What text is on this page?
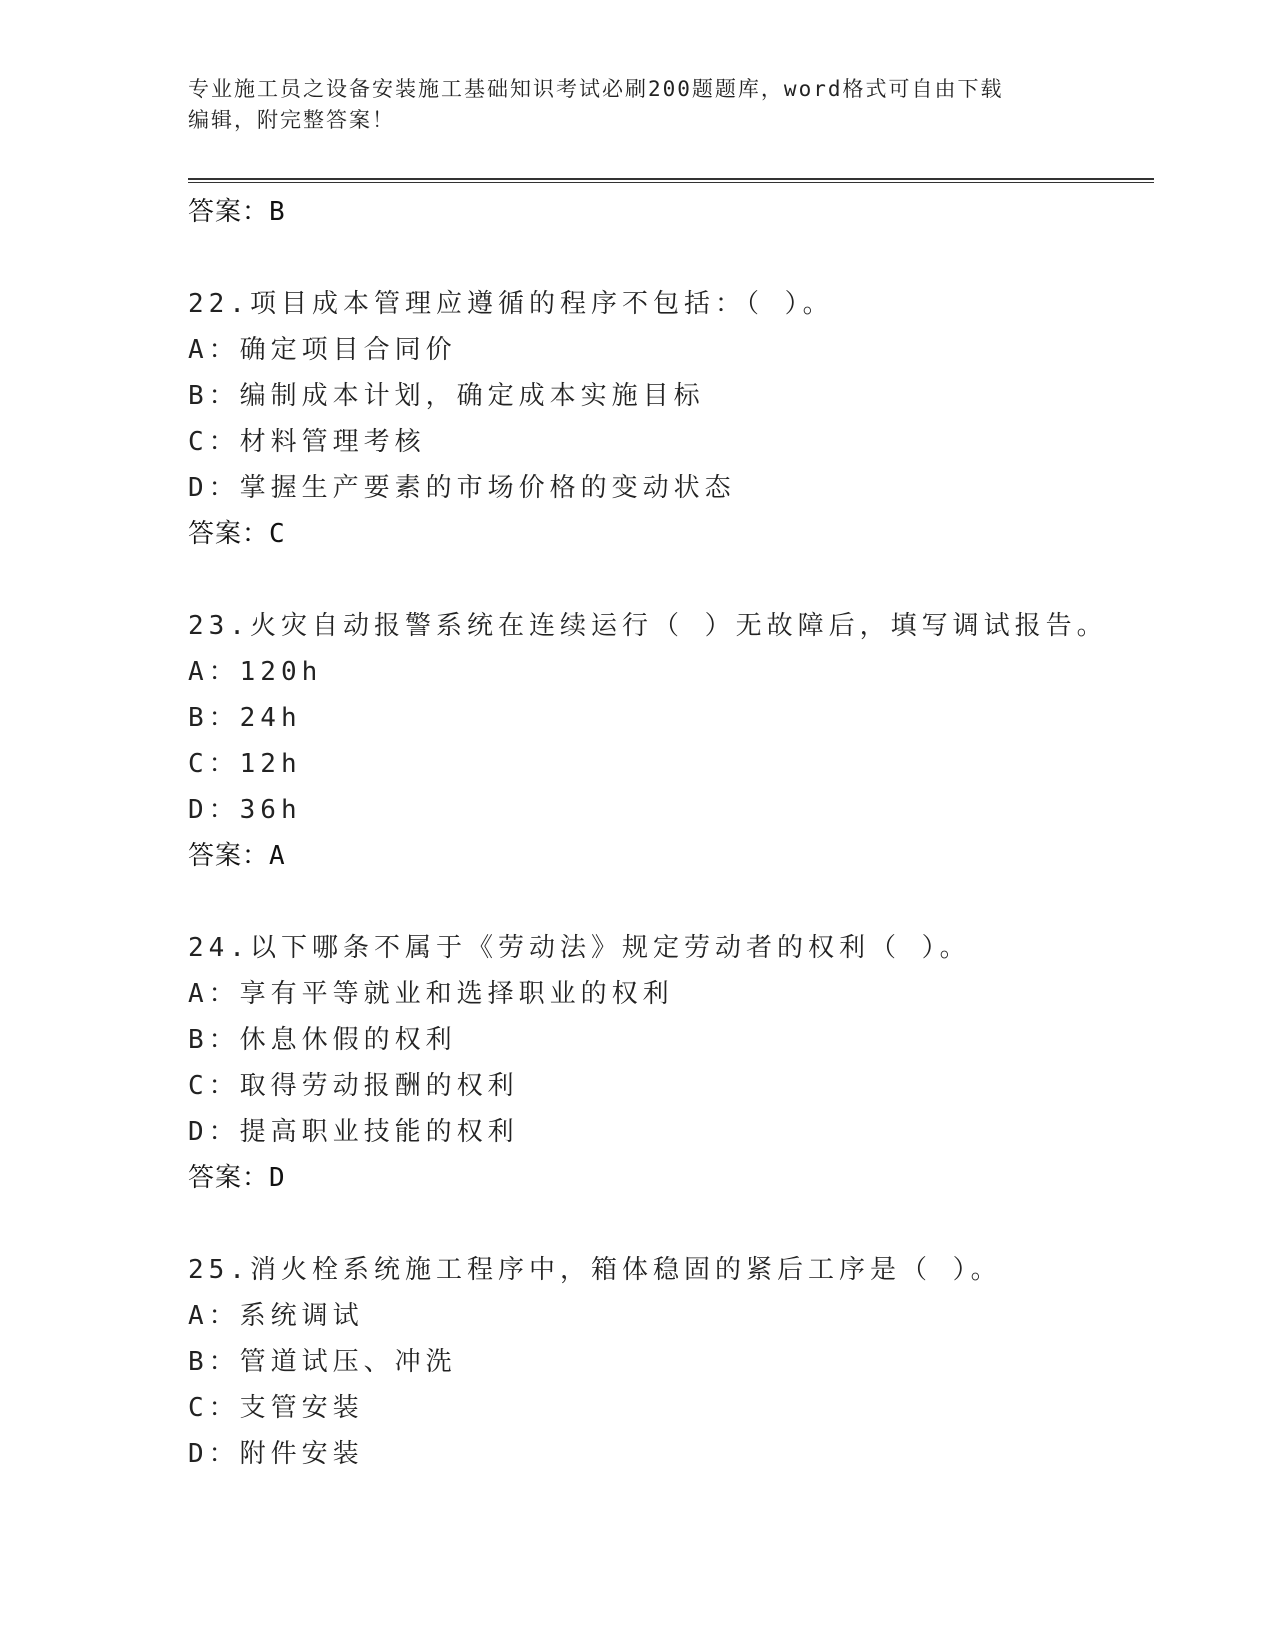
专业施工员之设备安装施工基础知识考试必刷200题题库，word格式可自由下载
编辑，附完整答案！
答案：B
22.项目成本管理应遵循的程序不包括：（ ）。
A：确定项目合同价
B：编制成本计划，确定成本实施目标
C：材料管理考核
D：掌握生产要素的市场价格的变动状态
答案：C
23.火灾自动报警系统在连续运行（ ）无故障后，填写调试报告。
A：120h
B：24h
C：12h
D：36h
答案：A
24.以下哪条不属于《劳动法》规定劳动者的权利（ ）。
A：享有平等就业和选择职业的权利
B：休息休假的权利
C：取得劳动报酬的权利
D：提高职业技能的权利
答案：D
25.消火栓系统施工程序中，箱体稳固的紧后工序是（ ）。
A：系统调试
B：管道试压、冲洗
C：支管安装
D：附件安装
